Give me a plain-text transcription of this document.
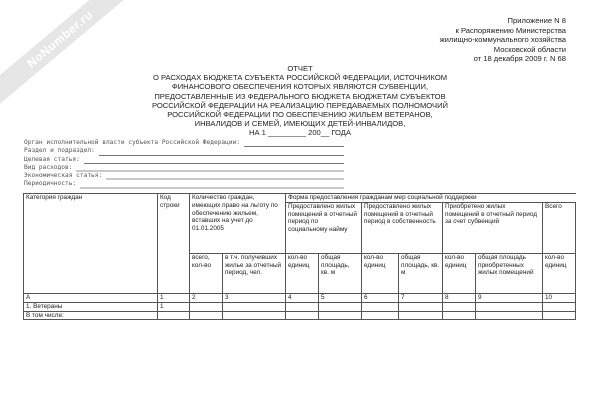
NoNumber.ru	Приложение N 8
к Распоряжению Министерства
жилищно-коммунального хозяйства
Московской области
от 18 декабря 2009 г. N 68
ОТЧЕТ
О РАСХОДАХ БЮДЖЕТА СУБЪЕКТА РОССИЙСКОЙ ФЕДЕРАЦИИ, ИСТОЧНИКОМ
ФИНАНСОВОГО ОБЕСПЕЧЕНИЯ КОТОРЫХ ЯВЛЯЮТСЯ СУБВЕНЦИИ,
ПРЕДОСТАВЛЕННЫЕ ИЗ ФЕДЕРАЛЬНОГО БЮДЖЕТА БЮДЖЕТАМ СУБЪЕКТОВ
РОССИЙСКОЙ ФЕДЕРАЦИИ НА РЕАЛИЗАЦИЮ ПЕРЕДАВАЕМЫХ ПОЛНОМОЧИЙ
РОССИЙСКОЙ ФЕДЕРАЦИИ ПО ОБЕСПЕЧЕНИЮ ЖИЛЬЕМ ВЕТЕРАНОВ,
ИНВАЛИДОВ И СЕМЕЙ, ИМЕЮЩИХ ДЕТЕЙ-ИНВАЛИДОВ,
НА 1 _________ 200__ ГОДА
Орган исполнительной власти субъекта Российской Федерации:
Раздел и подраздел:
Целевая статья:
Вид расходов:
Экономическая статья:
Периодичность:
Категория граждан	Код строки	Количество граждан, имеющих право на льготу по обеспечению жильем, вставших на учет до 01.01.2005		Форма предоставления гражданам мер социальной поддержки						
				Предоставлено жилых помещений в отчетный период по социальному найму		Предоставлено жилых помещений в отчетный период в собственность		Приобретено жилых помещений в отчетный период за счет субвенций		Всего
		всего, кол-во	в т.ч. получивших жилье за отчетный период, чел.	кол-во единиц	общая площадь, кв. м	кол-во единиц	общая площадь, кв. м	кол-во единиц	общая площадь приобретенных жилых помещений	кол-во единиц
А	1	2	3	4	5	6	7	8	9	10
1. Ветераны	1									
В том числе:										
